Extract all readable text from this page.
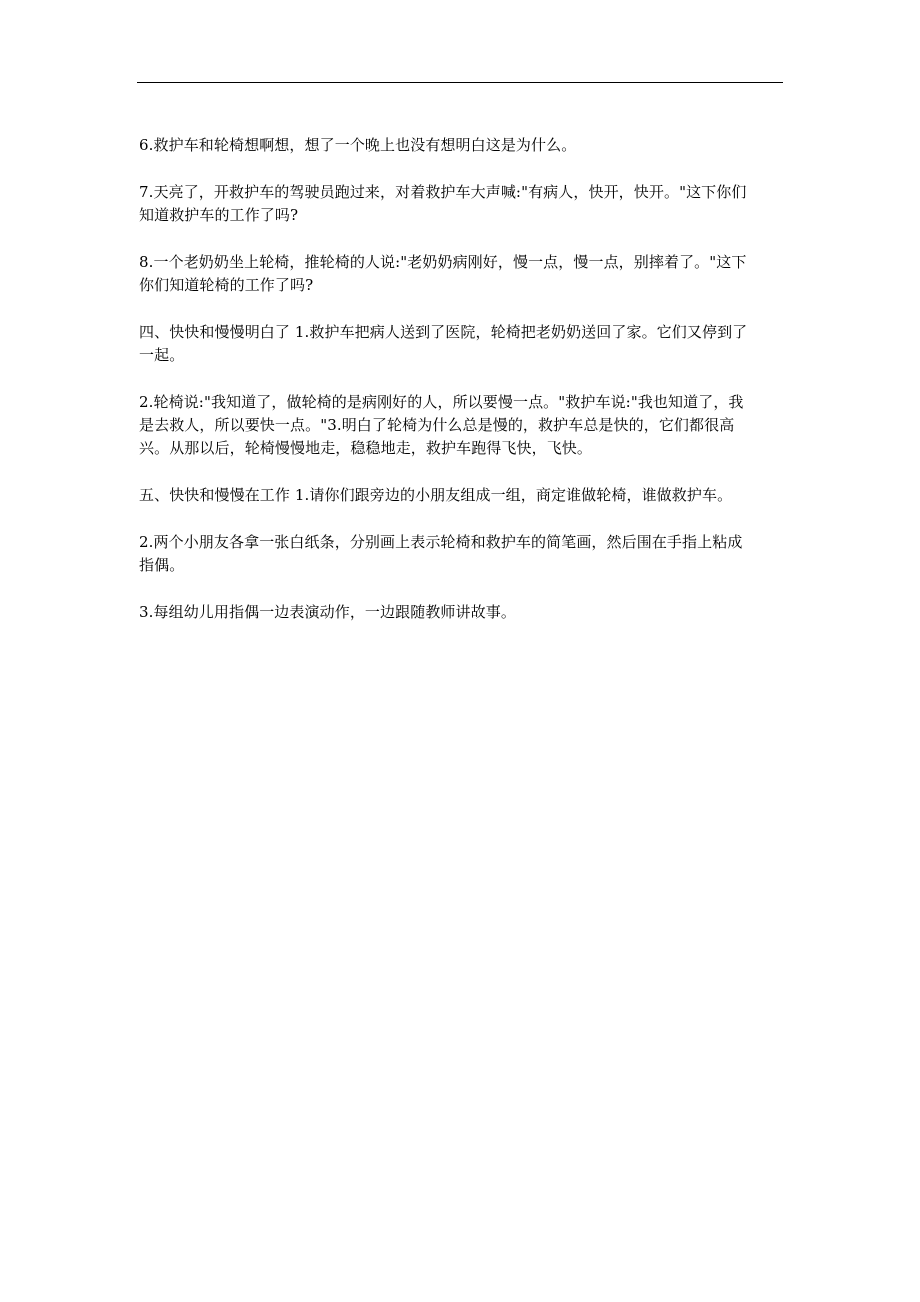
6.救护车和轮椅想啊想，想了一个晚上也没有想明白这是为什么。

7.天亮了，开救护车的驾驶员跑过来，对着救护车大声喊:"有病人，快开，快开。"这下你们
知道救护车的工作了吗?

8.一个老奶奶坐上轮椅，推轮椅的人说:"老奶奶病刚好，慢一点，慢一点，别摔着了。"这下
你们知道轮椅的工作了吗?

四、快快和慢慢明白了 1.救护车把病人送到了医院，轮椅把老奶奶送回了家。它们又停到了
一起。

2.轮椅说:"我知道了，做轮椅的是病刚好的人，所以要慢一点。"救护车说:"我也知道了，我
是去救人，所以要快一点。"3.明白了轮椅为什么总是慢的，救护车总是快的，它们都很高
兴。从那以后，轮椅慢慢地走，稳稳地走，救护车跑得飞快，飞快。

五、快快和慢慢在工作 1.请你们跟旁边的小朋友组成一组，商定谁做轮椅，谁做救护车。

2.两个小朋友各拿一张白纸条，分别画上表示轮椅和救护车的简笔画，然后围在手指上粘成
指偶。

3.每组幼儿用指偶一边表演动作，一边跟随教师讲故事。
